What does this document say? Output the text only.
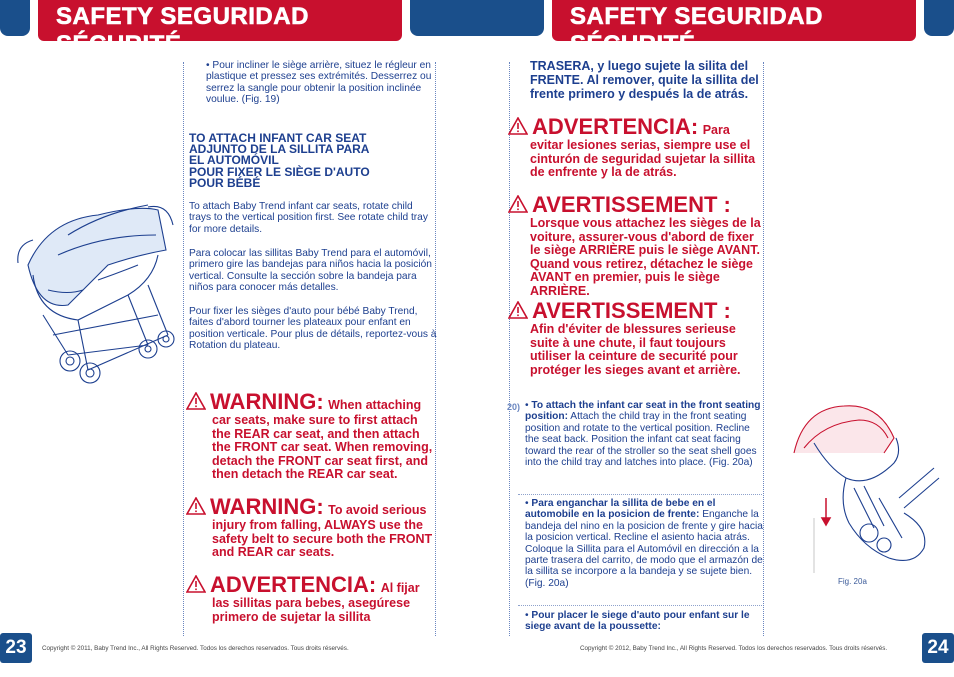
SAFETY SEGURIDAD SÉCURITÉ
SAFETY SEGURIDAD SÉCURITÉ
• Pour incliner le siège arrière, situez le régleur en plastique et pressez ses extrémités. Desserrez ou serrez la sangle pour obtenir la position inclinée voulue. (Fig. 19)
TO ATTACH INFANT CAR SEAT
ADJUNTO DE LA SILLITA PARA
EL AUTOMÓVIL
POUR FIXER LE SIÈGE D'AUTO
POUR BÉBÉ
To attach Baby Trend infant car seats, rotate child trays to the vertical position first. See rotate child tray for more details.
Para colocar las sillitas Baby Trend para el automóvil, primero gire las bandejas para niños hacia la posición vertical. Consulte la sección sobre la bandeja para niños para conocer más detalles.
Pour fixer les sièges d'auto pour bébé Baby Trend, faites d'abord tourner les plateaux pour enfant en position verticale. Pour plus de détails, reportez-vous à Rotation du plateau.
WARNING: When attaching
car seats, make sure to first attach the REAR car seat, and then attach the FRONT car seat. When removing, detach the FRONT car seat first, and then detach the REAR car seat.
WARNING: To avoid serious
injury from falling, ALWAYS use the safety belt to secure both the FRONT and REAR car seats.
ADVERTENCIA: Al fijar
las sillitas para bebes, asegúrese primero de sujetar la sillita
23	Copyright © 2011, Baby Trend Inc., All Rights Reserved. Todos los derechos reservados. Tous droits réservés.
TRASERA, y luego sujete la silita del FRENTE. Al remover, quite la sillita del frente primero y después la de atrás.
ADVERTENCIA: Para
evitar lesiones serias, siempre use el cinturón de seguridad sujetar la sillita de enfrente y la de atrás.
AVERTISSEMENT :
Lorsque vous attachez les sièges de la voiture, assurer-vous d'abord de fixer le siège ARRIÈRE puis le siège AVANT. Quand vous retirez, détachez le siège AVANT en premier, puis le siège ARRIÈRE.
AVERTISSEMENT :
Afin d'éviter de blessures serieuse suite à une chute, il faut toujours utiliser la ceinture de securité pour protéger les sieges avant et arrière.
20) • To attach the infant car seat in the front seating position: Attach the child tray in the front seating position and rotate to the vertical position. Recline the seat back. Position the infant cat seat facing toward the rear of the stroller so the seat shell goes into the child tray and latches into place. (Fig. 20a)
• Para enganchar la sillita de bebe en el automobile en la posicion de frente: Enganche la bandeja del nino en la posicion de frente y gire hacia la posicion vertical. Recline el asiento hacia atrás. Coloque la Sillita para el Automóvil en dirección a la parte trasera del carrito, de modo que el armazón de la sillita se incorpore a la bandeja y se sujete bien. (Fig. 20a)
• Pour placer le siege d'auto pour enfant sur le siege avant de la poussette:
Fig. 20a
24
Copyright © 2012, Baby Trend Inc., All Rights Reserved. Todos los derechos reservados. Tous droits réservés.
